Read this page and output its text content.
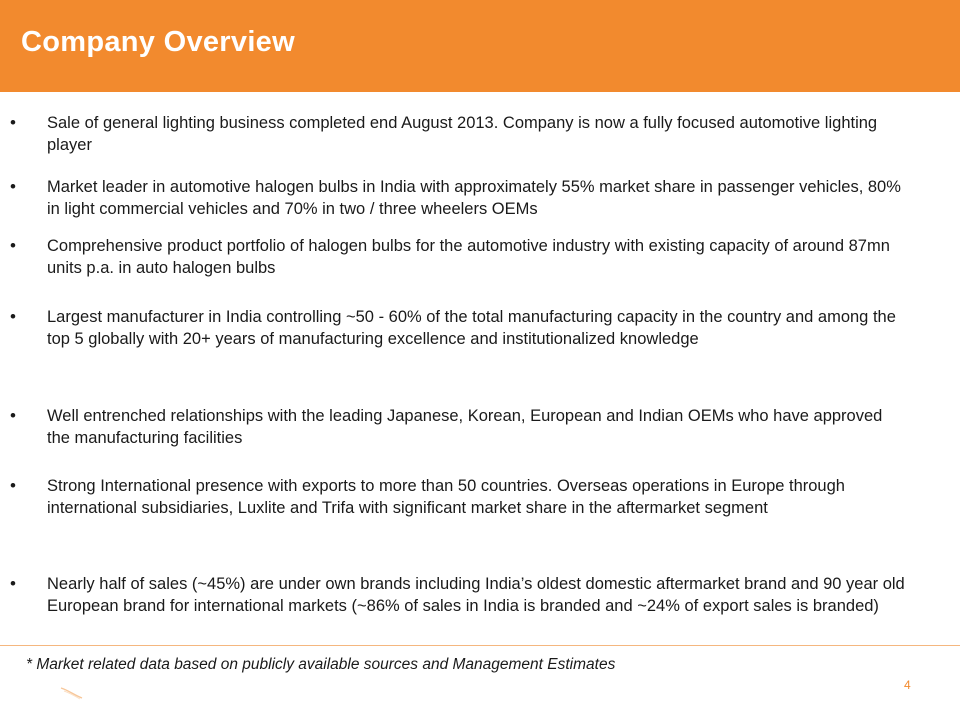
Company Overview
• Sale of general lighting business completed end August 2013. Company is now a fully focused automotive lighting player
• Market leader in automotive halogen bulbs in India with approximately 55% market share in passenger vehicles, 80% in light commercial vehicles and 70% in two / three wheelers OEMs
• Comprehensive product portfolio of halogen bulbs for the automotive industry with existing capacity of around 87mn units p.a. in auto halogen bulbs
• Largest manufacturer in India controlling ~50 - 60% of the total manufacturing capacity in the country and among the top 5 globally with 20+ years of manufacturing excellence and institutionalized knowledge
• Well entrenched relationships with the leading Japanese, Korean, European and Indian OEMs who have approved the manufacturing facilities
• Strong International presence with exports to more than 50 countries. Overseas operations in Europe through international subsidiaries, Luxlite and Trifa with significant market share in the aftermarket segment
• Nearly half of sales (~45%) are under own brands including India’s oldest domestic aftermarket brand and 90 year old European brand for international markets (~86% of sales in India is branded and ~24% of export sales is branded)
* Market related data based on publicly available sources and Management Estimates
4
